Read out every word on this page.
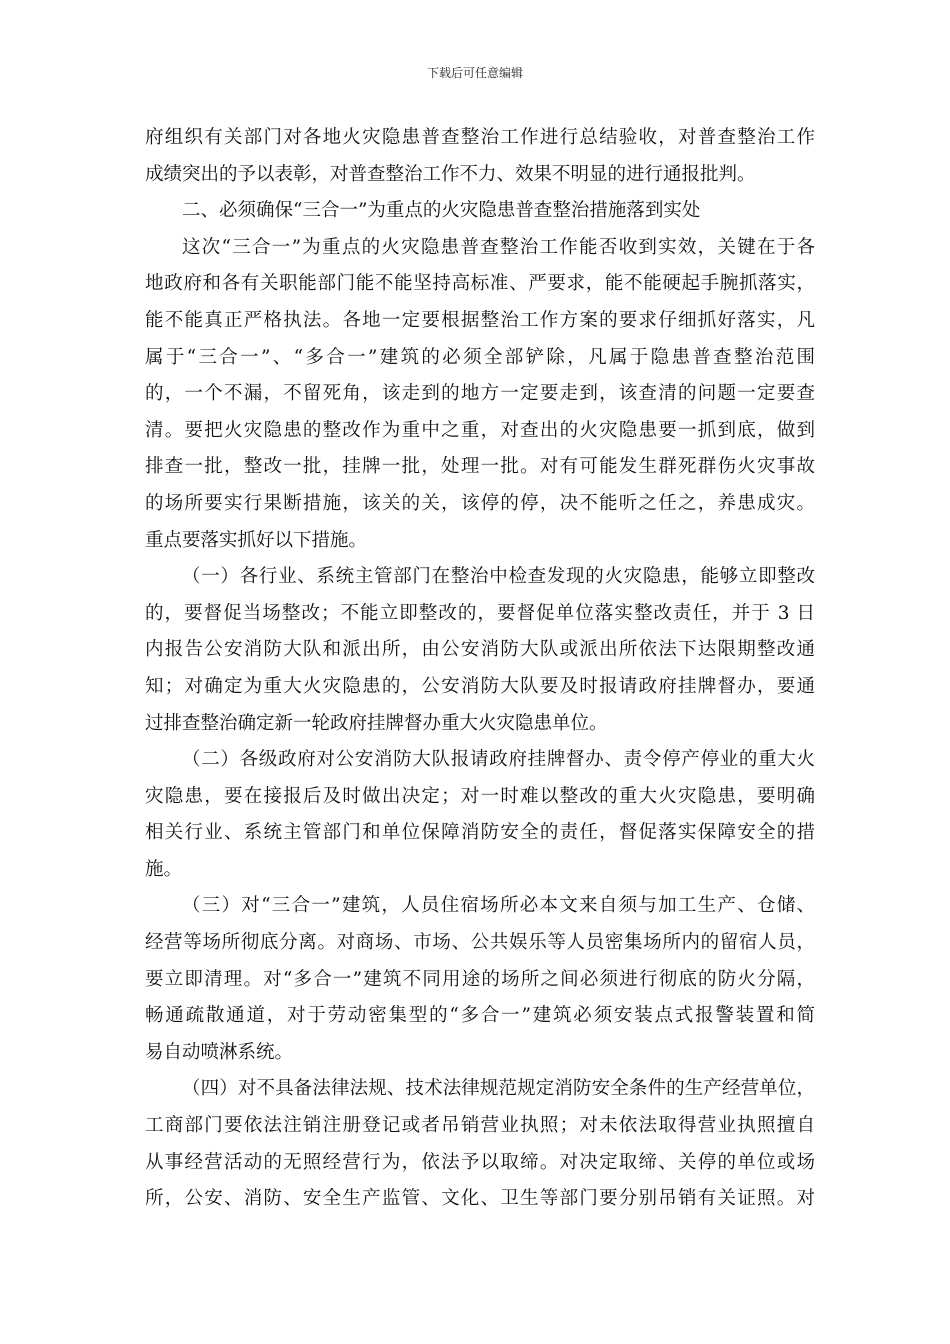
下载后可任意编辑
府组织有关部门对各地火灾隐患普查整治工作进行总结验收，对普查整治工作
成绩突出的予以表彰，对普查整治工作不力、效果不明显的进行通报批判。
二、必须确保“三合一”为重点的火灾隐患普查整治措施落到实处
这次“三合一”为重点的火灾隐患普查整治工作能否收到实效，关键在于各
地政府和各有关职能部门能不能坚持高标准、严要求，能不能硬起手腕抓落实，
能不能真正严格执法。各地一定要根据整治工作方案的要求仔细抓好落实，凡
属于“三合一”、“多合一”建筑的必须全部铲除，凡属于隐患普查整治范围
的，一个不漏，不留死角，该走到的地方一定要走到，该查清的问题一定要查
清。要把火灾隐患的整改作为重中之重，对查出的火灾隐患要一抓到底，做到
排查一批，整改一批，挂牌一批，处理一批。对有可能发生群死群伤火灾事故
的场所要实行果断措施，该关的关，该停的停，决不能听之任之，养患成灾。
重点要落实抓好以下措施。
（一）各行业、系统主管部门在整治中检查发现的火灾隐患，能够立即整改
的，要督促当场整改；不能立即整改的，要督促单位落实整改责任，并于 3 日
内报告公安消防大队和派出所，由公安消防大队或派出所依法下达限期整改通
知；对确定为重大火灾隐患的，公安消防大队要及时报请政府挂牌督办，要通
过排查整治确定新一轮政府挂牌督办重大火灾隐患单位。
（二）各级政府对公安消防大队报请政府挂牌督办、责令停产停业的重大火
灾隐患，要在接报后及时做出决定；对一时难以整改的重大火灾隐患，要明确
相关行业、系统主管部门和单位保障消防安全的责任，督促落实保障安全的措
施。
（三）对“三合一”建筑，人员住宿场所必本文来自须与加工生产、仓储、
经营等场所彻底分离。对商场、市场、公共娱乐等人员密集场所内的留宿人员，
要立即清理。对“多合一”建筑不同用途的场所之间必须进行彻底的防火分隔，
畅通疏散通道，对于劳动密集型的“多合一”建筑必须安装点式报警装置和简
易自动喷淋系统。
（四）对不具备法律法规、技术法律规范规定消防安全条件的生产经营单位，
工商部门要依法注销注册登记或者吊销营业执照；对未依法取得营业执照擅自
从事经营活动的无照经营行为，依法予以取缔。对决定取缔、关停的单位或场
所，公安、消防、安全生产监管、文化、卫生等部门要分别吊销有关证照。对
